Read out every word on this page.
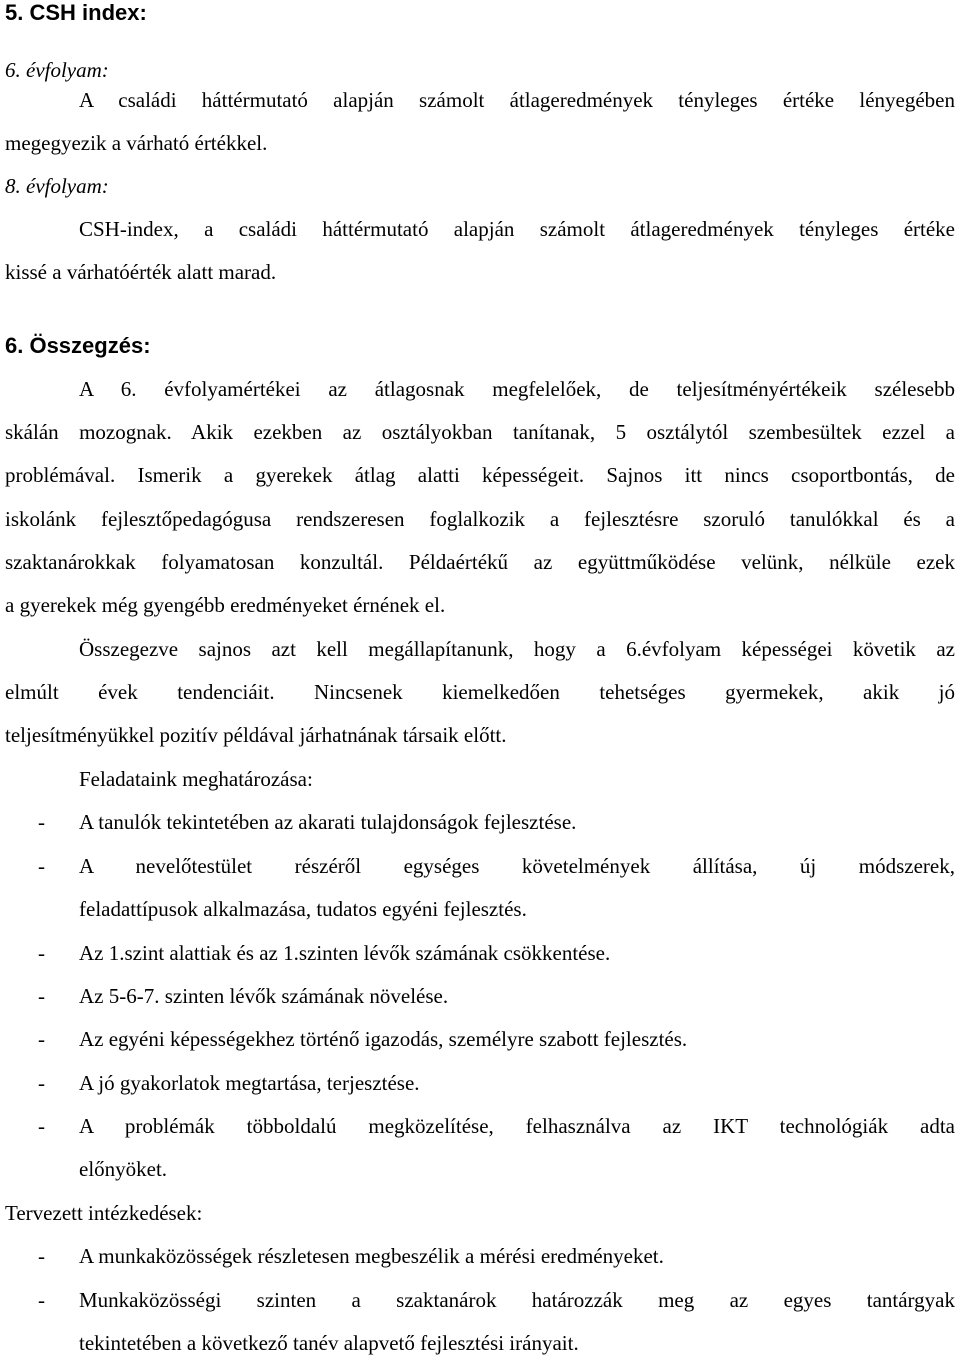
5. CSH index:
6. évfolyam:
A családi háttérmutató alapján számolt átlageredmények tényleges értéke lényegében
megegyezik a várható értékkel.
8. évfolyam:
CSH-index, a családi háttérmutató alapján számolt átlageredmények tényleges értéke
kissé a várhatóérték alatt marad.
6. Összegzés:
A 6. évfolyamértékei az átlagosnak megfelelőek, de teljesítményértékeik szélesebb
skálán mozognak. Akik ezekben az osztályokban tanítanak, 5 osztálytól szembesültek ezzel a
problémával. Ismerik a gyerekek átlag alatti képességeit. Sajnos itt nincs csoportbontás, de
iskolánk fejlesztőpedagógusa rendszeresen foglalkozik a fejlesztésre szoruló tanulókkal és a
szaktanárokkak folyamatosan konzultál. Példaértékű az együttműködése velünk, nélküle ezek
a gyerekek még gyengébb eredményeket érnének el.
Összegezve sajnos azt kell megállapítanunk, hogy a 6.évfolyam képességei követik az
elmúlt évek tendenciáit. Nincsenek kiemelkedően tehetséges gyermekek, akik jó
teljesítményükkel pozitív példával járhatnának társaik előtt.
Feladataink meghatározása:
- A tanulók tekintetében az akarati tulajdonságok fejlesztése.
- A nevelőtestület részéről egységes követelmények állítása, új módszerek,
feladattípusok alkalmazása, tudatos egyéni fejlesztés.
- Az 1.szint alattiak és az 1.szinten lévők számának csökkentése.
- Az 5-6-7. szinten lévők számának növelése.
- Az egyéni képességekhez történő igazodás, személyre szabott fejlesztés.
- A jó gyakorlatok megtartása, terjesztése.
- A problémák többoldalú megközelítése, felhasználva az IKT technológiák adta
előnyöket.
Tervezett intézkedések:
- A munkaközösségek részletesen megbeszélik a mérési eredményeket.
- Munkaközösségi szinten a szaktanárok határozzák meg az egyes tantárgyak
tekintetében a következő tanév alapvető fejlesztési irányait.
